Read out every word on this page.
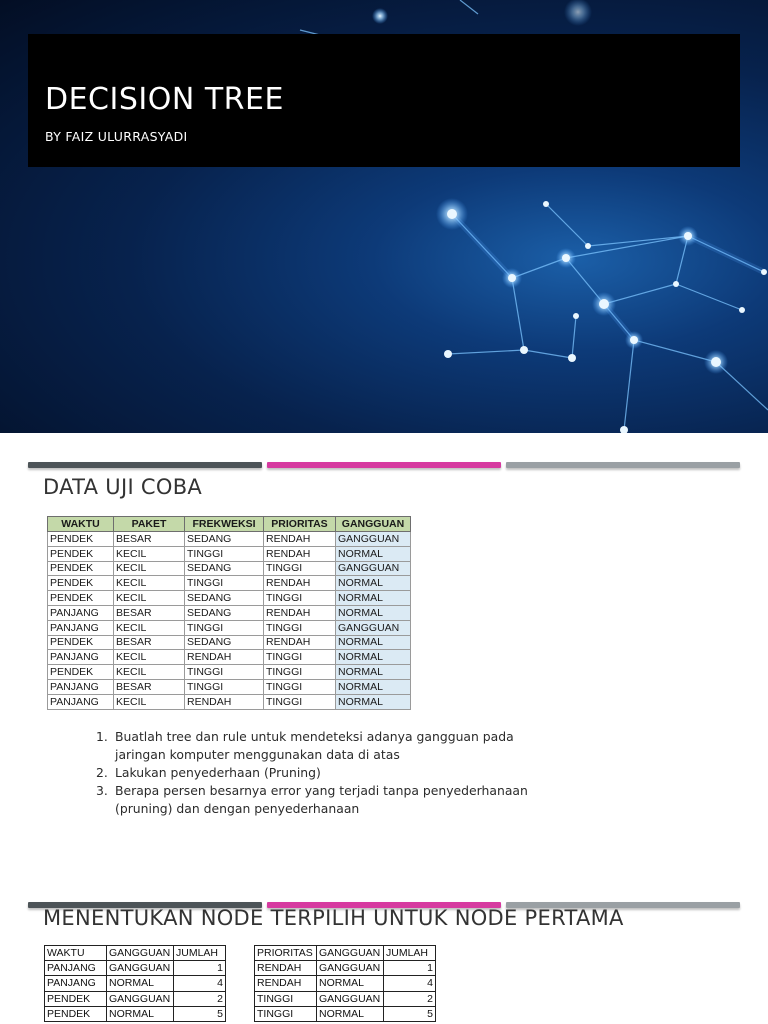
DECISION TREE
BY FAIZ ULURRASYADI
DATA UJI COBA
WAKTU	PAKET	FREKWEKSI	PRIORITAS	GANGGUAN
PENDEK	BESAR	SEDANG	RENDAH	GANGGUAN
PENDEK	KECIL	TINGGI	RENDAH	NORMAL
PENDEK	KECIL	SEDANG	TINGGI	GANGGUAN
PENDEK	KECIL	TINGGI	RENDAH	NORMAL
PENDEK	KECIL	SEDANG	TINGGI	NORMAL
PANJANG	BESAR	SEDANG	RENDAH	NORMAL
PANJANG	KECIL	TINGGI	TINGGI	GANGGUAN
PENDEK	BESAR	SEDANG	RENDAH	NORMAL
PANJANG	KECIL	RENDAH	TINGGI	NORMAL
PENDEK	KECIL	TINGGI	TINGGI	NORMAL
PANJANG	BESAR	TINGGI	TINGGI	NORMAL
PANJANG	KECIL	RENDAH	TINGGI	NORMAL
1. Buatlah tree dan rule untuk mendeteksi adanya gangguan pada jaringan komputer menggunakan data di atas
2. Lakukan penyederhaan (Pruning)
3. Berapa persen besarnya error yang terjadi tanpa penyederhanaan (pruning) dan dengan penyederhanaan
MENENTUKAN NODE TERPILIH UNTUK NODE PERTAMA
WAKTU	GANGGUAN	JUMLAH
PANJANG	GANGGUAN	1
PANJANG	NORMAL	4
PENDEK	GANGGUAN	2
PENDEK	NORMAL	5
PRIORITAS	GANGGUAN	JUMLAH
RENDAH	GANGGUAN	1
RENDAH	NORMAL	4
TINGGI	GANGGUAN	2
TINGGI	NORMAL	5
